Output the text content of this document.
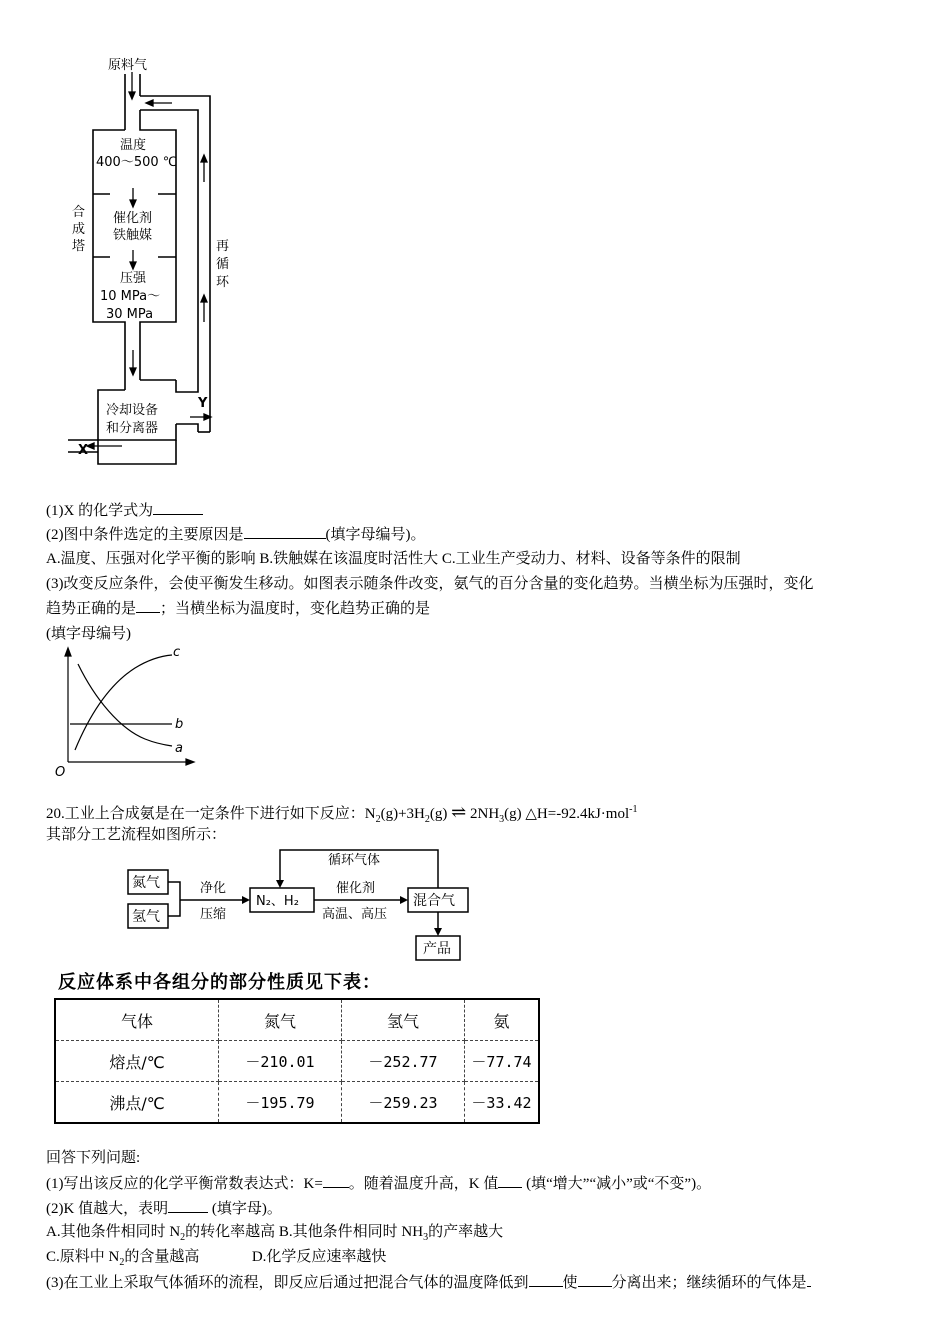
原料气
温度
400～500 ℃
催化剂
铁触媒
压强
10 MPa～
30 MPa
冷却设备
和分离器
合
成
塔	再
循
环
Y
X
(1)X 的化学式为
(2)图中条件选定的主要原因是	(填字母编号)。
A.温度、压强对化学平衡的影响 B.铁触媒在该温度时活性大 C.工业生产受动力、材料、设备等条件的限制
(3)改变反应条件，会使平衡发生移动。如图表示随条件改变，氨气的百分含量的变化趋势。当横坐标为压强时，变化
趋势正确的是 ；当横坐标为温度时，变化趋势正确的是
(填字母编号)
a
b
c
O
20.工业上合成氨是在一定条件下进行如下反应：$N_2(g)+3H_2(g)$ ⇌ $2NH_3(g)$ △H=-92.4kJ·mol$^{-1}$
其部分工艺流程如图所示：
氮气
氢气
净化
压缩
N₂、H₂
催化剂
高温、高压
混合气
产品
循环气体
反应体系中各组分的部分性质见下表：
气体	氮气	氢气	氨
熔点/℃	－210.01	－252.77	－77.74
沸点/℃	－195.79	－259.23	－33.42
回答下列问题:
(1)写出该反应的化学平衡常数表达式：K= 。随着温度升高，K 值 (填“增大”“减小”或“不变”)。
(2)K 值越大，表明	(填字母)。
A.其他条件相同时 $N_2$的转化率越高 B.其他条件相同时 $NH_3$的产率越大
C.原料中 $N_2$的含量越高              D.化学反应速率越快
(3)在工业上采取气体循环的流程，即反应后通过把混合气体的温度降低到 使 分离出来；继续循环的气体是
